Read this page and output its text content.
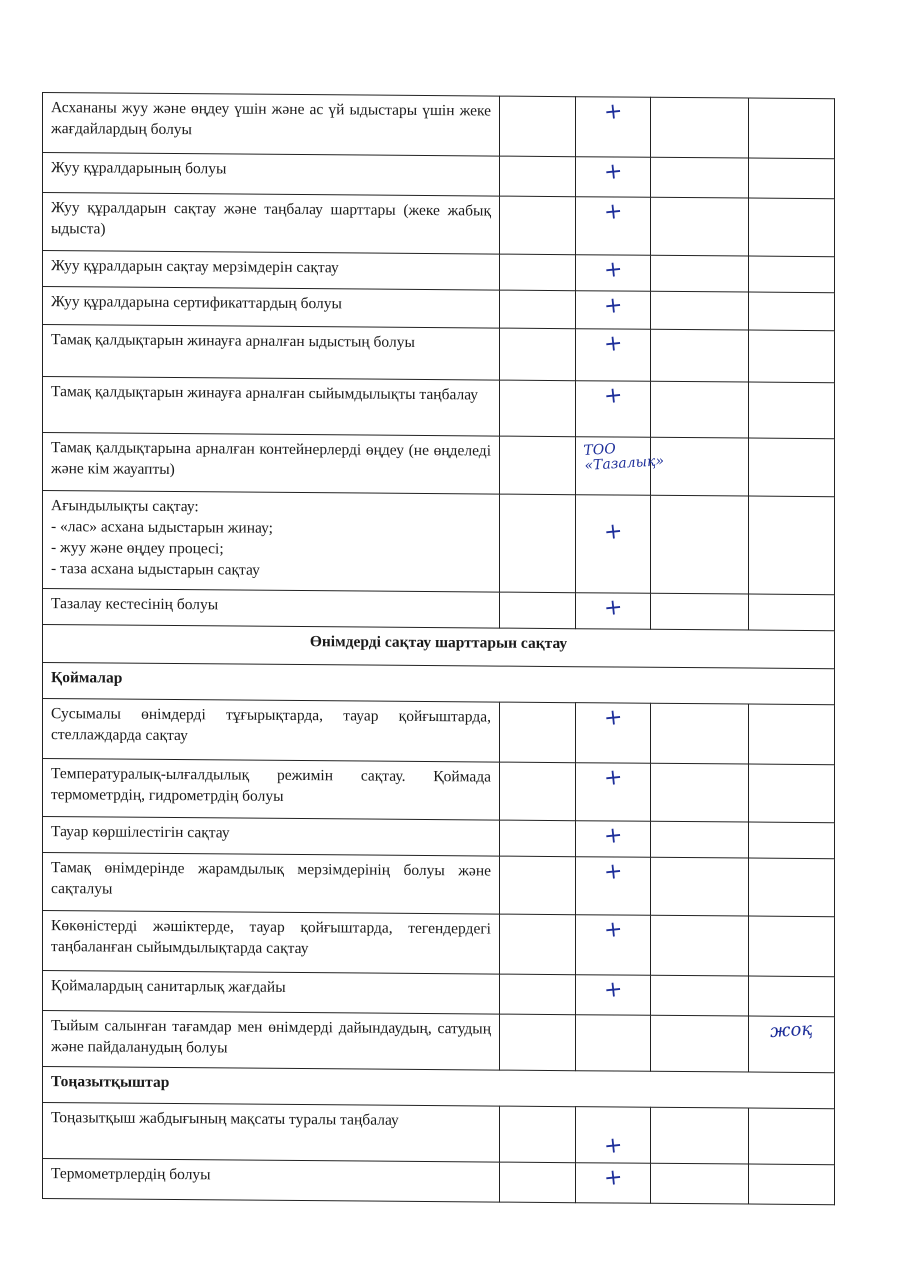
Асхананы жуу және өңдеу үшін және ас үй ыдыстары үшін жеке жағдайлардың болуы		+		
Жуу құралдарының болуы		+		
Жуу құралдарын сақтау және таңбалау шарттары (жеке жабық ыдыста)		+		
Жуу құралдарын сақтау мерзімдерін сақтау		+		
Жуу құралдарына сертификаттардың болуы		+		
Тамақ қалдықтарын жинауға арналған ыдыстың болуы		+		
Тамақ қалдықтарын жинауға арналған сыйымдылықты таңбалау		+		
Тамақ қалдықтарына арналған контейнерлерді өңдеу (не өңделеді және кім жауапты)		ТОО «Тазалық»		

Ағындылықты сақтау:
- «лас» асхана ыдыстарын жинау;
- жуу және өңдеу процесі;
- таза асхана ыдыстарын сақтау		+		
Тазалау кестесінің болуы		+		
Өнімдерді сақтау шарттарын сақтау				
Қоймалар				
Сусымалы өнімдерді тұғырықтарда, тауар қойғыштарда, стеллаждарда сақтау		+		
Температуралық-ылғалдылық режимін сақтау. Қоймада термометрдің, гидрометрдің болуы		+		
Тауар көршілестігін сақтау		+		
Тамақ өнімдерінде жарамдылық мерзімдерінің болуы және сақталуы		+		
Көкөністерді жәшіктерде, тауар қойғыштарда, тегендердегі таңбаланған сыйымдылықтарда сақтау		+		
Қоймалардың санитарлық жағдайы		+		
Тыйым салынған тағамдар мен өнімдерді дайындаудың, сатудың және пайдаланудың болуы				жоқ
Тоңазытқыштар				
Тоңазытқыш жабдығының мақсаты туралы таңбалау		+		
Термометрлердің болуы		+		
